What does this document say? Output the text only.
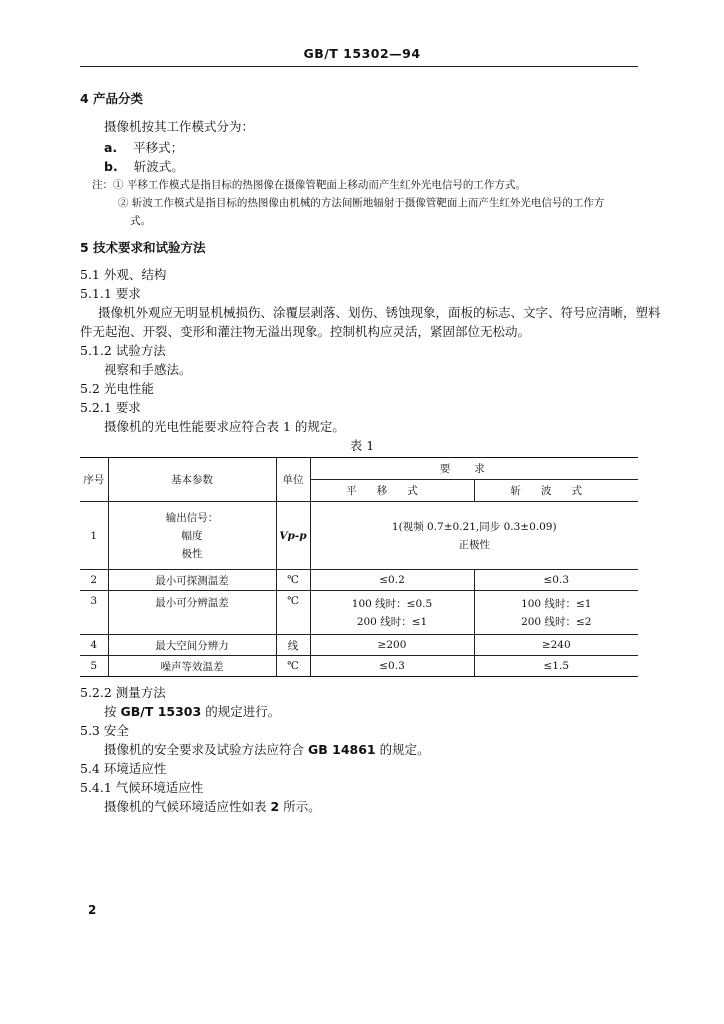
GB/T 15302—94
4 产品分类
摄像机按其工作模式分为：
a. 平移式；
b. 斩波式。
注：① 平移工作模式是指目标的热图像在摄像管靶面上移动而产生红外光电信号的工作方式。
② 斩波工作模式是指目标的热图像由机械的方法间断地辐射于摄像管靶面上而产生红外光电信号的工作方
式。
5 技术要求和试验方法
5.1 外观、结构
5.1.1 要求
摄像机外观应无明显机械损伤、涂覆层剥落、划伤、锈蚀现象，面板的标志、文字、符号应清晰，塑料
件无起泡、开裂、变形和灌注物无溢出现象。控制机构应灵活，紧固部位无松动。
5.1.2 试验方法
视察和手感法。
5.2 光电性能
5.2.1 要求
摄像机的光电性能要求应符合表 1 的规定。
表 1
序号	基本参数	单位	要求	
			平移式	斩波式
1	输出信号：
幅度
极性	Vp-p	1(视频 0.7±0.21,同步 0.3±0.09)
正极性	

2	最小可探测温差	℃	≤0.2	≤0.3
3	最小可分辨温差	℃	100 线时：≤0.5
200 线时：≤1	100 线时：≤1
200 线时：≤2

4	最大空间分辨力	线	≥200	≥240
5	噪声等效温差	℃	≤0.3	≤1.5
5.2.2 测量方法
按 GB/T 15303 的规定进行。
5.3 安全
摄像机的安全要求及试验方法应符合 GB 14861 的规定。
5.4 环境适应性
5.4.1 气候环境适应性
摄像机的气候环境适应性如表 2 所示。
2
